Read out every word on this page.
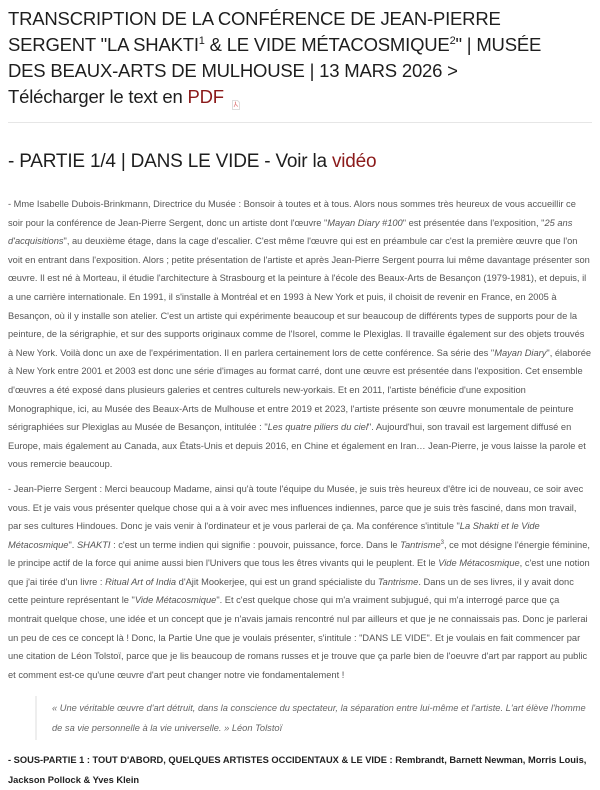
TRANSCRIPTION DE LA CONFÉRENCE DE JEAN-PIERRE
SERGENT "LA SHAKTI$^1$ & LE VIDE MÉTACOSMIQUE$^2$" | MUSÉE
DES BEAUX-ARTS DE MULHOUSE | 13 MARS 2026 >
Télécharger le text en PDF
- PARTIE 1/4 | DANS LE VIDE - Voir la vidéo

- Mme Isabelle Dubois-Brinkmann, Directrice du Musée : Bonsoir à toutes et à tous. Alors nous sommes très heureux de vous accueillir ce soir pour la conférence de Jean-Pierre Sergent, donc un artiste dont l'œuvre "Mayan Diary #100" est présentée dans l'exposition, "25 ans d'acquisitions", au deuxième étage, dans la cage d'escalier. C'est même l'œuvre qui est en préambule car c'est la première œuvre que l'on voit en entrant dans l'exposition. Alors ; petite présentation de l'artiste et après Jean-Pierre Sergent pourra lui même davantage présenter son œuvre. Il est né à Morteau, il étudie l'architecture à Strasbourg et la peinture à l'école des Beaux-Arts de Besançon (1979-1981), et depuis, il a une carrière internationale. En 1991, il s'installe à Montréal et en 1993 à New York et puis, il choisit de revenir en France, en 2005 à Besançon, où il y installe son atelier. C'est un artiste qui expérimente beaucoup et sur beaucoup de différents types de supports pour de la peinture, de la sérigraphie, et sur des supports originaux comme de l'Isorel, comme le Plexiglas. Il travaille également sur des objets trouvés à New York. Voilà donc un axe de l'expérimentation. Il en parlera certainement lors de cette conférence. Sa série des "Mayan Diary", élaborée à New York entre 2001 et 2003 est donc une série d'images au format carré, dont une œuvre est présentée dans l'exposition. Cet ensemble d'œuvres a été exposé dans plusieurs galeries et centres culturels new-yorkais. Et en 2011, l'artiste bénéficie d'une exposition Monographique, ici, au Musée des Beaux-Arts de Mulhouse et entre 2019 et 2023, l'artiste présente son œuvre monumentale de peinture sérigraphiées sur Plexiglas au Musée de Besançon, intitulée : "Les quatre piliers du ciel". Aujourd'hui, son travail est largement diffusé en Europe, mais également au Canada, aux États-Unis et depuis 2016, en Chine et également en Iran… Jean-Pierre, je vous laisse la parole et vous remercie beaucoup.

- Jean-Pierre Sergent : Merci beaucoup Madame, ainsi qu'à toute l'équipe du Musée, je suis très heureux d'être ici de nouveau, ce soir avec vous. Et je vais vous présenter quelque chose qui a à voir avec mes influences indiennes, parce que je suis très fasciné, dans mon travail, par ses cultures Hindoues. Donc je vais venir à l'ordinateur et je vous parlerai de ça. Ma conférence s'intitule "La Shakti et le Vide Métacosmique". SHAKTI : c'est un terme indien qui signifie : pouvoir, puissance, force. Dans le Tantrisme$^3$, ce mot désigne l'énergie féminine, le principe actif de la force qui anime aussi bien l'Univers que tous les êtres vivants qui le peuplent. Et le Vide Métacosmique, c'est une notion que j'ai tirée d'un livre : Ritual Art of India d'Ajit Mookerjee, qui est un grand spécialiste du Tantrisme. Dans un de ses livres, il y avait donc cette peinture représentant le "Vide Métacosmique". Et c'est quelque chose qui m'a vraiment subjugué, qui m'a interrogé parce que ça montrait quelque chose, une idée et un concept que je n'avais jamais rencontré nul par ailleurs et que je ne connaissais pas. Donc je parlerai un peu de ces ce concept là ! Donc, la Partie Une que je voulais présenter, s'intitule : "DANS LE VIDE". Et je voulais en fait commencer par une citation de Léon Tolstoï, parce que je lis beaucoup de romans russes et je trouve que ça parle bien de l'oeuvre d'art par rapport au public et comment est-ce qu'une œuvre d'art peut changer notre vie fondamentalement !

« Une véritable œuvre d'art détruit, dans la conscience du spectateur, la séparation entre lui-même et l'artiste. L'art élève l'homme de sa vie personnelle à la vie universelle. » Léon Tolstoï

- SOUS-PARTIE 1 : TOUT D'ABORD, QUELQUES ARTISTES OCCIDENTAUX & LE VIDE : Rembrandt, Barnett Newman, Morris Louis, Jackson Pollock & Yves Klein
